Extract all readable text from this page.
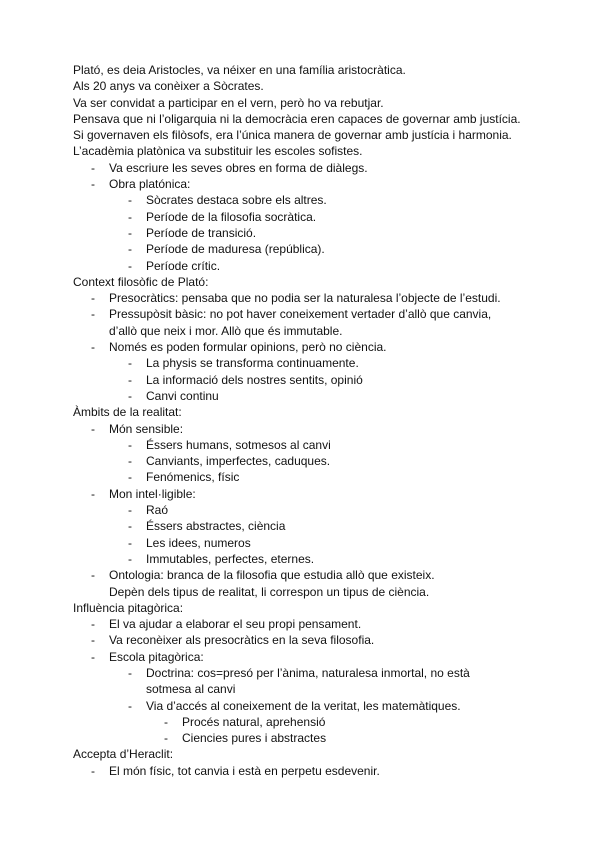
Plató, es deia Aristocles, va néixer en una família aristocràtica.
Als 20 anys va conèixer a Sòcrates.
Va ser convidat a participar en el vern, però ho va rebutjar.
Pensava que ni l’oligarquia ni la democràcia eren capaces de governar amb justícia.
Si governaven els filòsofs, era l’única manera de governar amb justícia i harmonia.
L’acadèmia platònica va substituir les escoles sofistes.
-	Va escriure les seves obres en forma de diàlegs.
-	Obra platónica:
-	Sòcrates destaca sobre els altres.
-	Període de la filosofia socràtica.
-	Període de transició.
-	Període de maduresa (república).
-	Període crític.
Context filosòfic de Plató:
-	Presocràtics: pensaba que no podia ser la naturalesa l’objecte de l’estudi.
-	Pressupòsit bàsic: no pot haver coneixement vertader d’allò que canvia, d’allò que neix i mor. Allò que és immutable.
-	Només es poden formular opinions, però no ciència.
-	La physis se transforma continuamente.
-	La informació dels nostres sentits, opinió
-	Canvi continu
Àmbits de la realitat:
-	Món sensible:
-	Éssers humans, sotmesos al canvi
-	Canviants, imperfectes, caduques.
-	Fenómenics, físic
-	Mon intel·ligible:
-	Raó
-	Éssers abstractes, ciència
-	Les idees, numeros
-	Immutables, perfectes, eternes.
-	Ontologia: branca de la filosofia que estudia allò que existeix.
Depèn dels tipus de realitat, li correspon un tipus de ciència.
Influència pitagòrica:
-	El va ajudar a elaborar el seu propi pensament.
-	Va reconèixer als presocràtics en la seva filosofia.
-	Escola pitagòrica:
-	Doctrina: cos=presó per l’ànima, naturalesa inmortal, no està sotmesa al canvi
-	Via d’accés al coneixement de la veritat, les matemàtiques.
-	Procés natural, aprehensió
-	Ciencies pures i abstractes
Accepta d’Heraclit:
-	El món físic, tot canvia i està en perpetu esdevenir.
